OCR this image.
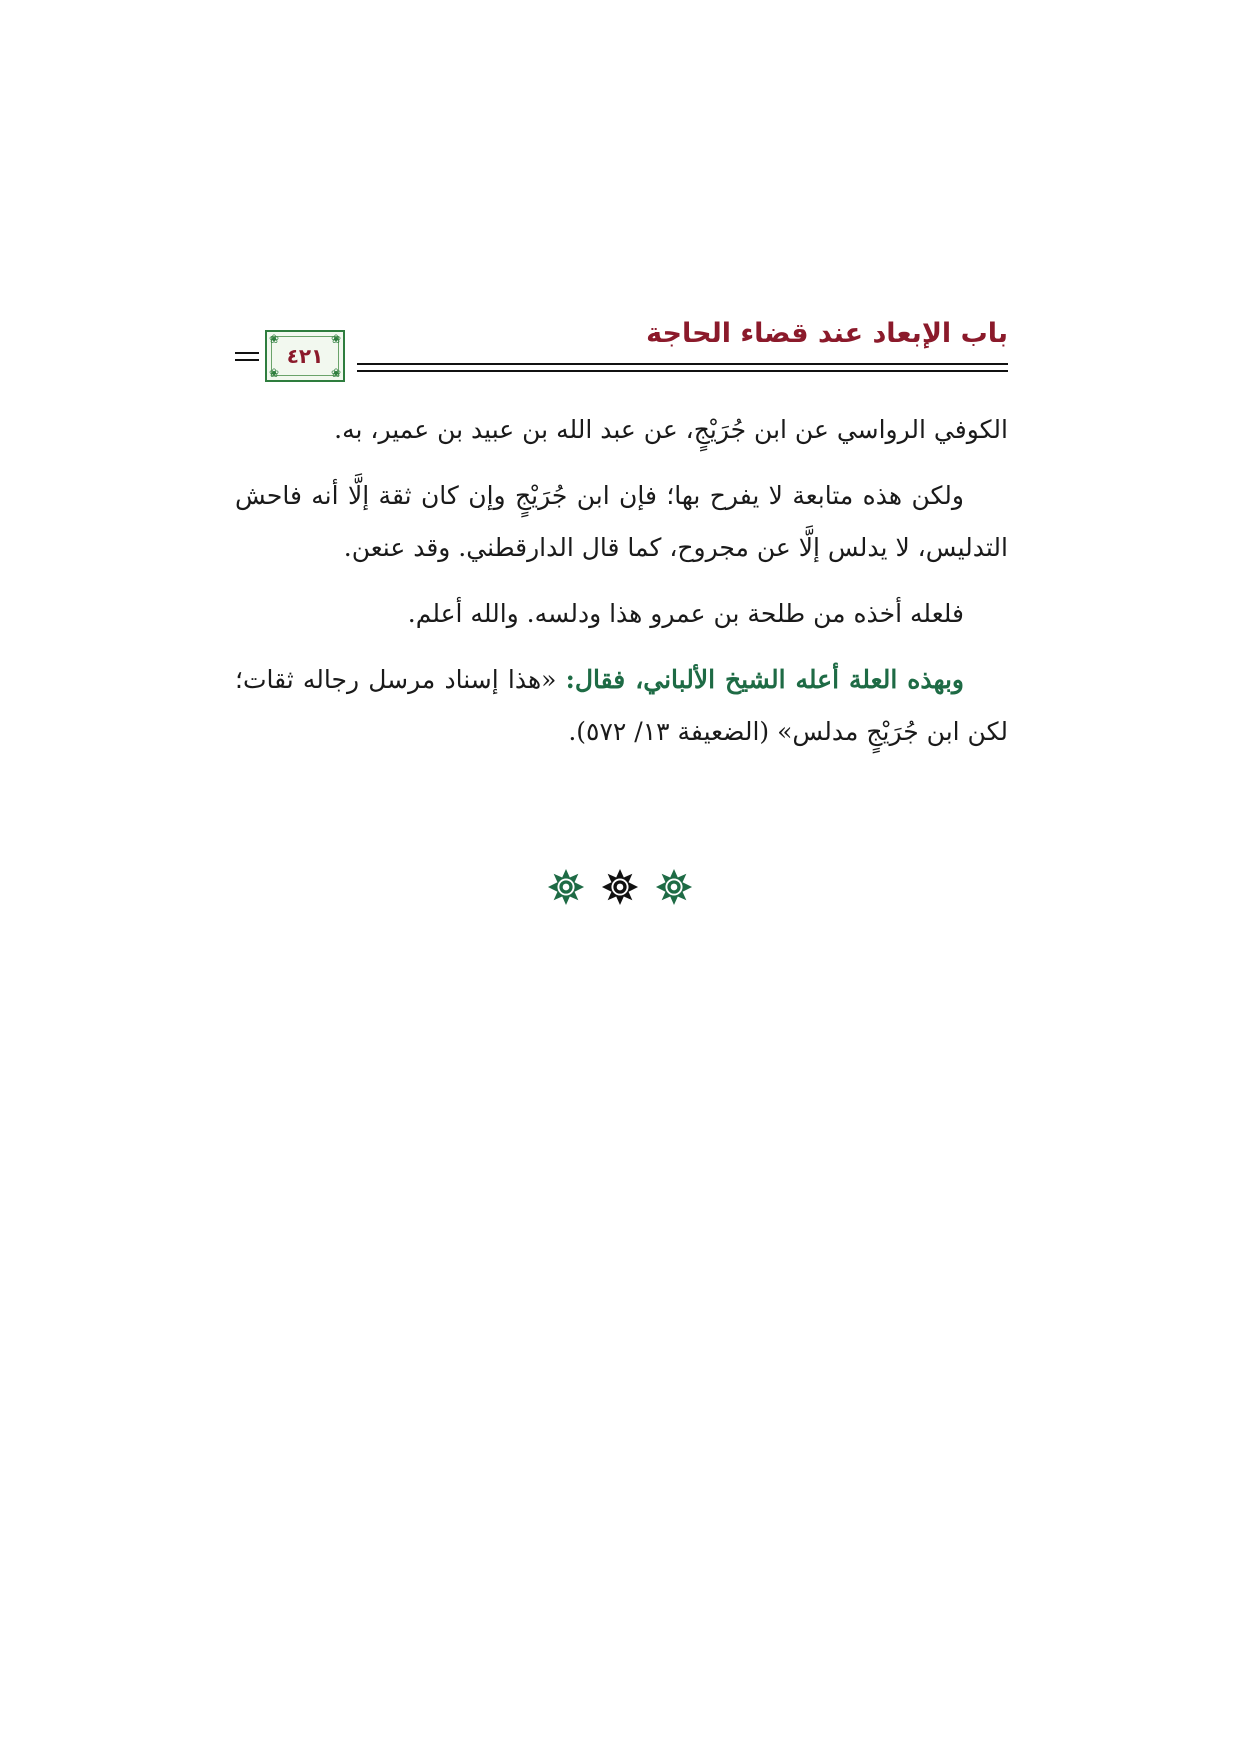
باب الإبعاد عند قضاء الحاجة
❀	❀
❀	❀
٤٢١

الكوفي الرواسي عن ابن جُرَيْجٍ، عن عبد الله بن عبيد بن عمير، به.

ولكن هذه متابعة لا يفرح بها؛ فإن ابن جُرَيْجٍ وإن كان ثقة إلَّا أنه فاحش التدليس، لا يدلس إلَّا عن مجروح، كما قال الدارقطني. وقد عنعن.

فلعله أخذه من طلحة بن عمرو هذا ودلسه. والله أعلم.

وبهذه العلة أعله الشيخ الألباني، فقال: «هذا إسناد مرسل رجاله ثقات؛ لكن ابن جُرَيْجٍ مدلس» (الضعيفة ١٣/ ٥٧٢).
